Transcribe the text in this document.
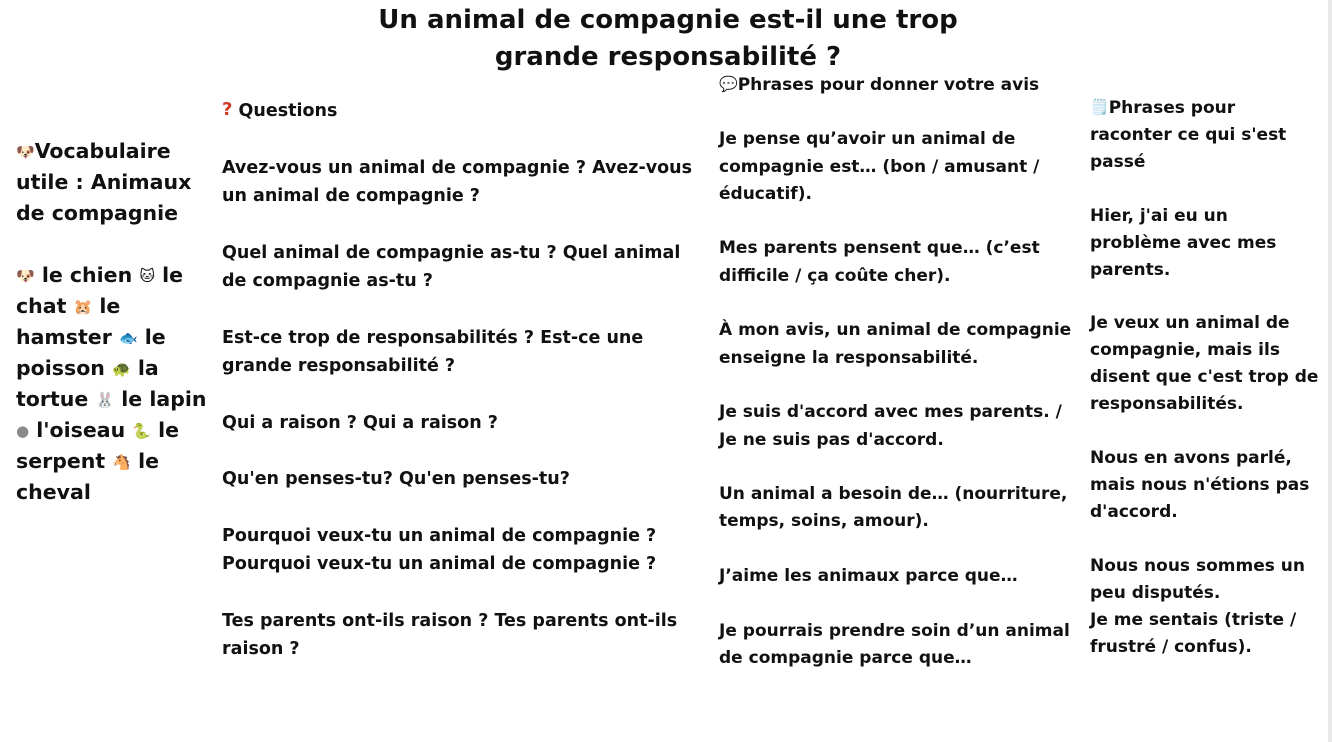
Un animal de compagnie est-il une trop
grande responsabilité ?

🐶Vocabulaire utile : Animaux de compagnie

🐶 le chien 🐱 le chat 🐹 le hamster 🐟 le poisson 🐢 la tortue 🐰 le lapin ● l'oiseau 🐍 le serpent 🐴 le cheval

? Questions

Avez-vous un animal de compagnie ? Avez-vous un animal de compagnie ?

Quel animal de compagnie as-tu ? Quel animal de compagnie as-tu ?

Est-ce trop de responsabilités ? Est-ce une grande responsabilité ?

Qui a raison ? Qui a raison ?

Qu'en penses-tu? Qu'en penses-tu?

Pourquoi veux-tu un animal de compagnie ? Pourquoi veux-tu un animal de compagnie ?

Tes parents ont-ils raison ? Tes parents ont-ils raison ?

💬Phrases pour donner votre avis

Je pense qu’avoir un animal de compagnie est… (bon / amusant / éducatif).

Mes parents pensent que… (c’est difficile / ça coûte cher).

À mon avis, un animal de compagnie enseigne la responsabilité.

Je suis d'accord avec mes parents. / Je ne suis pas d'accord.

Un animal a besoin de… (nourriture, temps, soins, amour).

J’aime les animaux parce que…

Je pourrais prendre soin d’un animal de compagnie parce que…

🗒️Phrases pour raconter ce qui s'est passé

Hier, j'ai eu un problème avec mes parents.

Je veux un animal de compagnie, mais ils disent que c'est trop de responsabilités.

Nous en avons parlé, mais nous n'étions pas d'accord.

Nous nous sommes un peu disputés.

Je me sentais (triste / frustré / confus).
